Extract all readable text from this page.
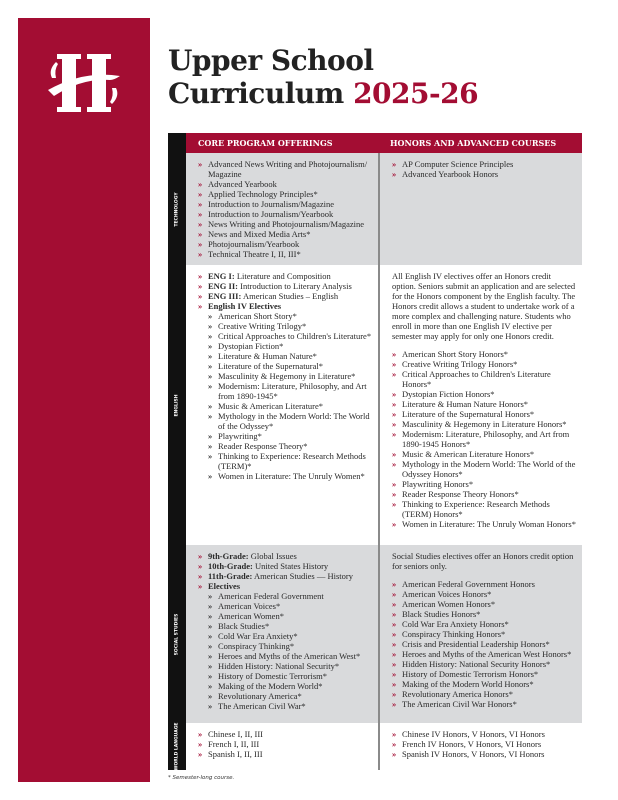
Upper School
Curriculum 2025-26
CORE PROGRAM OFFERINGS	HONORS AND ADVANCED COURSES
TECHNOLOGY
» Advanced News Writing and Photojournalism/ Magazine
» Advanced Yearbook
» Applied Technology Principles*
» Introduction to Journalism/Magazine
» Introduction to Journalism/Yearbook
» News Writing and Photojournalism/Magazine
» News and Mixed Media Arts*
» Photojournalism/Yearbook
» Technical Theatre I, II, III*
» AP Computer Science Principles
» Advanced Yearbook Honors
ENGLISH
» ENG I: Literature and Composition
» ENG II: Introduction to Literary Analysis
» ENG III: American Studies – English
» English IV Electives
» American Short Story*
» Creative Writing Trilogy*
» Critical Approaches to Children's Literature*
» Dystopian Fiction*
» Literature & Human Nature*
» Literature of the Supernatural*
» Masculinity & Hegemony in Literature*
» Modernism: Literature, Philosophy, and Art from 1890-1945*
» Music & American Literature*
» Mythology in the Modern World: The World of the Odyssey*
» Playwriting*
» Reader Response Theory*
» Thinking to Experience: Research Methods (TERM)*
» Women in Literature: The Unruly Women*
All English IV electives offer an Honors credit option. Seniors submit an application and are selected for the Honors component by the English faculty. The Honors credit allows a student to undertake work of a more complex and challenging nature. Students who enroll in more than one English IV elective per semester may apply for only one Honors credit.
» American Short Story Honors*
» Creative Writing Trilogy Honors*
» Critical Approaches to Children's Literature Honors*
» Dystopian Fiction Honors*
» Literature & Human Nature Honors*
» Literature of the Supernatural Honors*
» Masculinity & Hegemony in Literature Honors*
» Modernism: Literature, Philosophy, and Art from 1890-1945 Honors*
» Music & American Literature Honors*
» Mythology in the Modern World: The World of the Odyssey Honors*
» Playwriting Honors*
» Reader Response Theory Honors*
» Thinking to Experience: Research Methods (TERM) Honors*
» Women in Literature: The Unruly Woman Honors*
SOCIAL STUDIES
» 9th-Grade: Global Issues
» 10th-Grade: United States History
» 11th-Grade: American Studies — History
» Electives
» American Federal Government
» American Voices*
» American Women*
» Black Studies*
» Cold War Era Anxiety*
» Conspiracy Thinking*
» Heroes and Myths of the American West*
» Hidden History: National Security*
» History of Domestic Terrorism*
» Making of the Modern World*
» Revolutionary America*
» The American Civil War*
Social Studies electives offer an Honors credit option for seniors only.
» American Federal Government Honors
» American Voices Honors*
» American Women Honors*
» Black Studies Honors*
» Cold War Era Anxiety Honors*
» Conspiracy Thinking Honors*
» Crisis and Presidential Leadership Honors*
» Heroes and Myths of the American West Honors*
» Hidden History: National Security Honors*
» History of Domestic Terrorism Honors*
» Making of the Modern World Honors*
» Revolutionary America Honors*
» The American Civil War Honors*
WORLD LANGUAGE	» Chinese I, II, III
» French I, II, III
» Spanish I, II, III
» Chinese IV Honors, V Honors, VI Honors
» French IV Honors, V Honors, VI Honors
» Spanish IV Honors, V Honors, VI Honors
* Semester-long course.
